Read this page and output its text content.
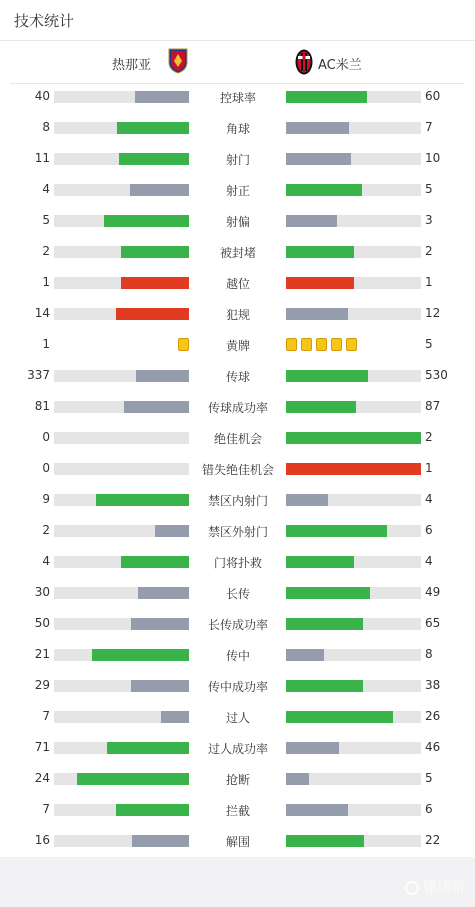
技术统计
热那亚	AC米兰
40	控球率	60
8	角球	7
11	射门	10
4	射正	5
5	射偏	3
2	被封堵	2
1	越位	1
14	犯规	12
1	黄牌	5
337	传球	530
81	传球成功率	87
0	绝佳机会	2
0	错失绝佳机会	1
9	禁区内射门	4
2	禁区外射门	6
4	门将扑救	4
30	长传	49
50	长传成功率	65
21	传中	8
29	传中成功率	38
7	过人	26
71	过人成功率	46
24	抢断	5
7	拦截	6
16	解围	22
懂球帝
